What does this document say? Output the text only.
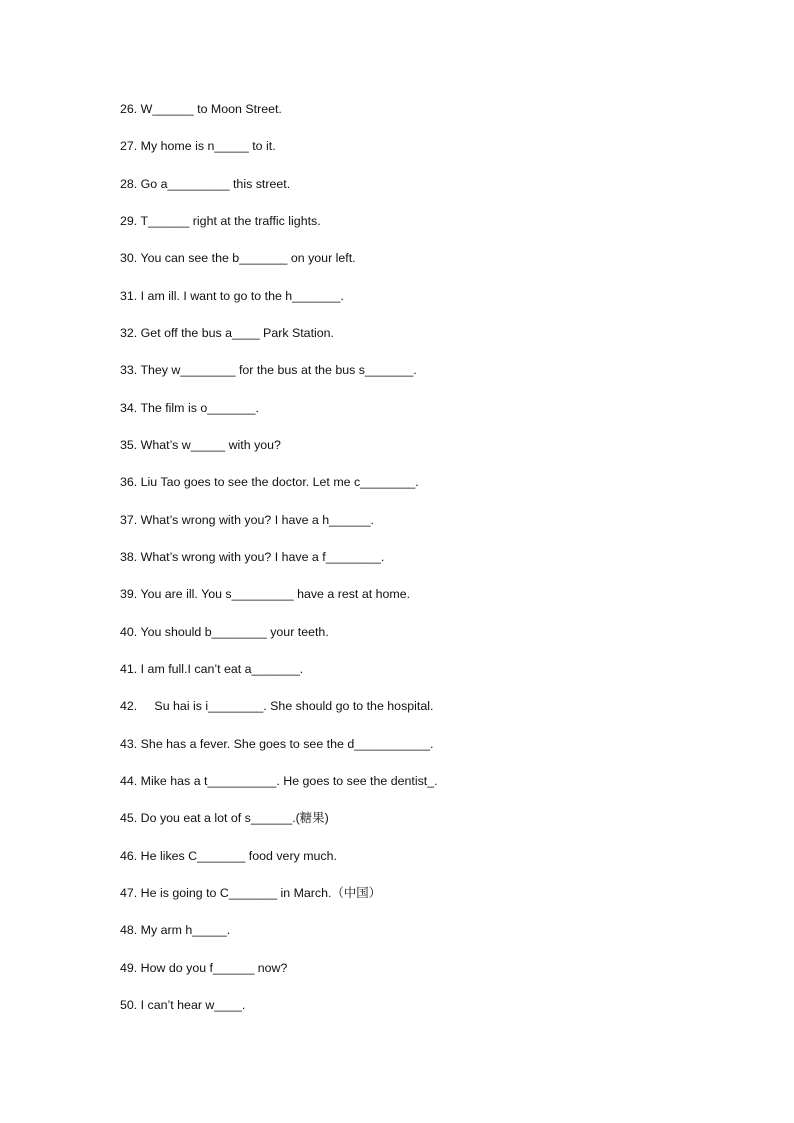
26. W______ to Moon Street.
27. My home is n_____ to it.
28. Go a_________ this street.
29. T______ right at the traffic lights.
30. You can see the b_______ on your left.
31. I am ill. I want to go to the h_______.
32. Get off the bus a____ Park Station.
33. They w________ for the bus at the bus s_______.
34. The film is o_______.
35. What’s w_____ with you?
36. Liu Tao goes to see the doctor. Let me c________.
37. What’s wrong with you? I have a h______.
38. What’s wrong with you? I have a f________.
39. You are ill. You s_________ have a rest at home.
40. You should b________ your teeth.
41. I am full.I can’t eat a_______.
42.     Su hai is i________. She should go to the hospital.
43. She has a fever. She goes to see the d___________.
44. Mike has a t__________. He goes to see the dentist_.
45. Do you eat a lot of s______.(糖果)
46. He likes C_______ food very much.
47. He is going to C_______ in March.（中国）
48. My arm h_____.
49. How do you f______ now?
50. I can’t hear w____.
